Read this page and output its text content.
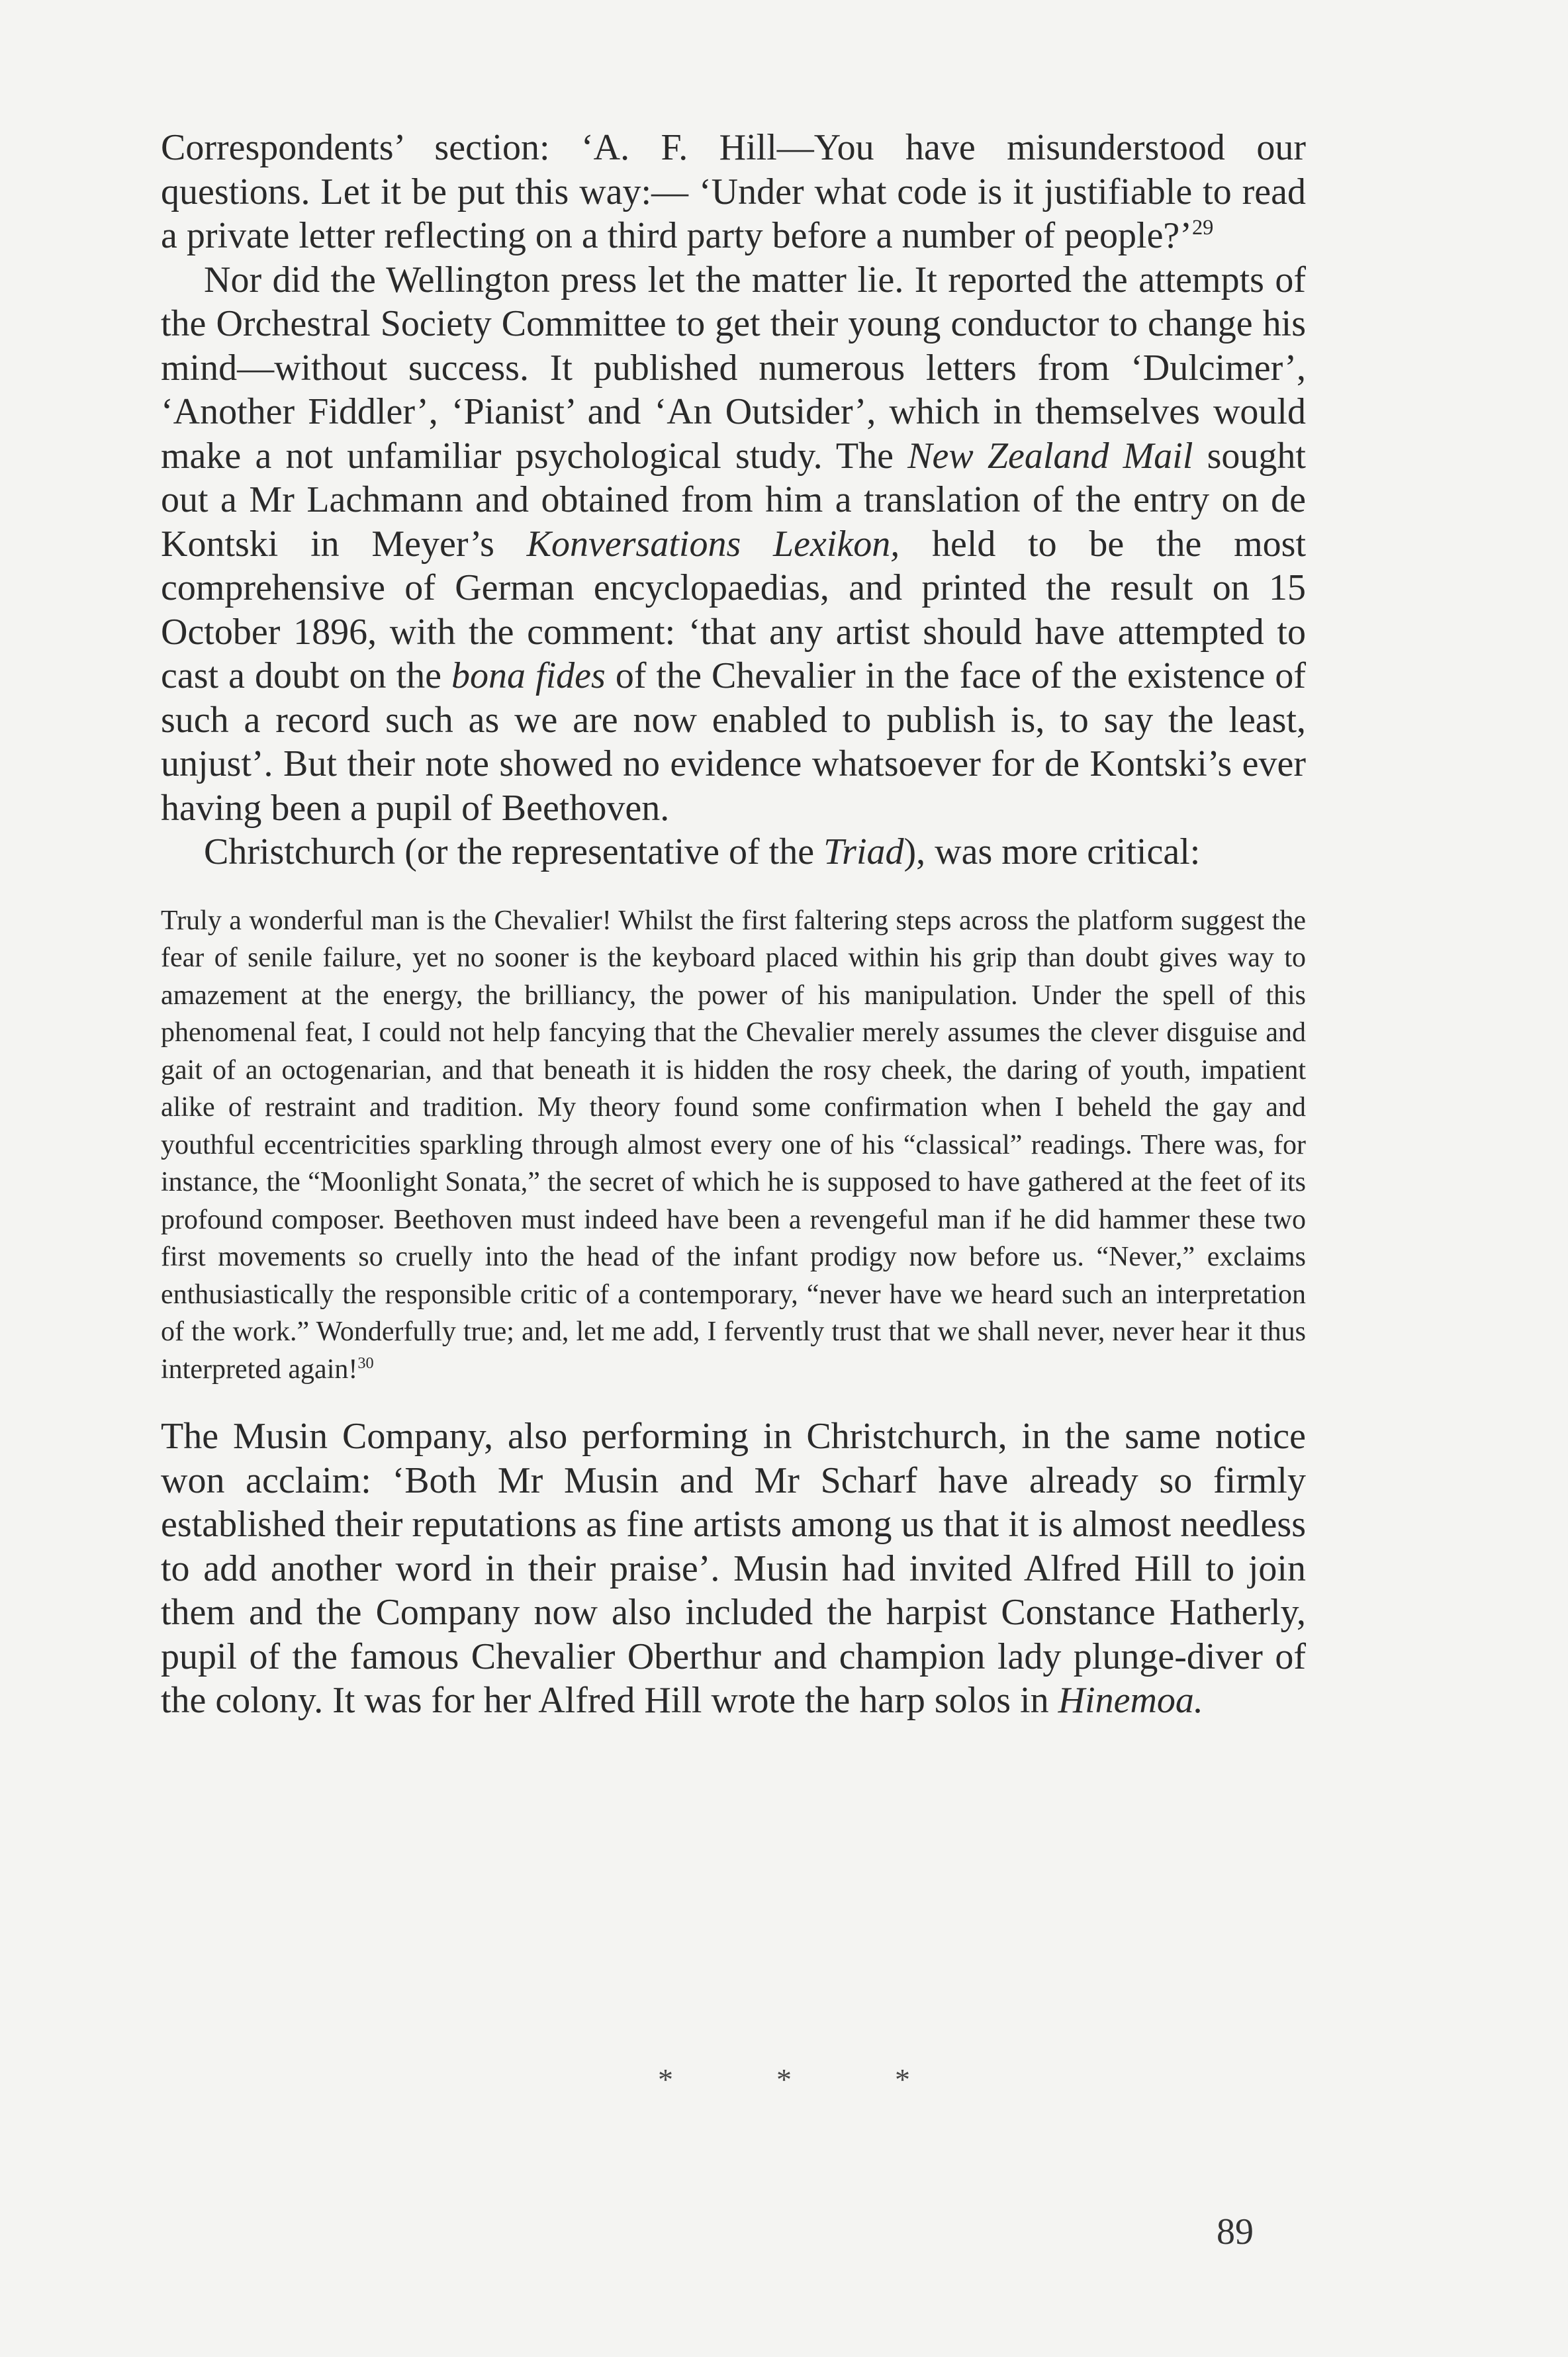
Correspondents’ section: ‘A. F. Hill—You have misunderstood our questions. Let it be put this way:— ‘Under what code is it justifiable to read a private letter reflecting on a third party before a number of people?’$^{29}$

Nor did the Wellington press let the matter lie. It reported the attempts of the Orchestral Society Committee to get their young conductor to change his mind—without success. It published numerous letters from ‘Dulcimer’, ‘Another Fiddler’, ‘Pianist’ and ‘An Outsider’, which in themselves would make a not unfamiliar psychological study. The New Zealand Mail sought out a Mr Lachmann and obtained from him a translation of the entry on de Kontski in Meyer’s Konversations Lexikon, held to be the most comprehensive of German encyclopaedias, and printed the result on 15 October 1896, with the comment: ‘that any artist should have attempted to cast a doubt on the bona fides of the Chevalier in the face of the existence of such a record such as we are now enabled to publish is, to say the least, unjust’. But their note showed no evidence whatsoever for de Kontski’s ever having been a pupil of Beethoven.

Christchurch (or the representative of the Triad), was more critical:

Truly a wonderful man is the Chevalier! Whilst the first faltering steps across the platform suggest the fear of senile failure, yet no sooner is the keyboard placed within his grip than doubt gives way to amazement at the energy, the brilliancy, the power of his manipulation. Under the spell of this phenomenal feat, I could not help fancying that the Chevalier merely assumes the clever disguise and gait of an octogenarian, and that beneath it is hidden the rosy cheek, the daring of youth, impatient alike of restraint and tradition. My theory found some confirmation when I beheld the gay and youthful eccentricities sparkling through almost every one of his “classical” readings. There was, for instance, the “Moonlight Sonata,” the secret of which he is supposed to have gathered at the feet of its profound composer. Beethoven must indeed have been a revengeful man if he did hammer these two first movements so cruelly into the head of the infant prodigy now before us. “Never,” exclaims enthusiastically the responsible critic of a contemporary, “never have we heard such an interpretation of the work.” Wonderfully true; and, let me add, I fervently trust that we shall never, never hear it thus interpreted again!$^{30}$

The Musin Company, also performing in Christchurch, in the same notice won acclaim: ‘Both Mr Musin and Mr Scharf have already so firmly established their reputations as fine artists among us that it is almost needless to add another word in their praise’. Musin had invited Alfred Hill to join them and the Company now also included the harpist Constance Hatherly, pupil of the famous Chevalier Oberthur and champion lady plunge-diver of the colony. It was for her Alfred Hill wrote the harp solos in Hinemoa.

*	*	*
89
